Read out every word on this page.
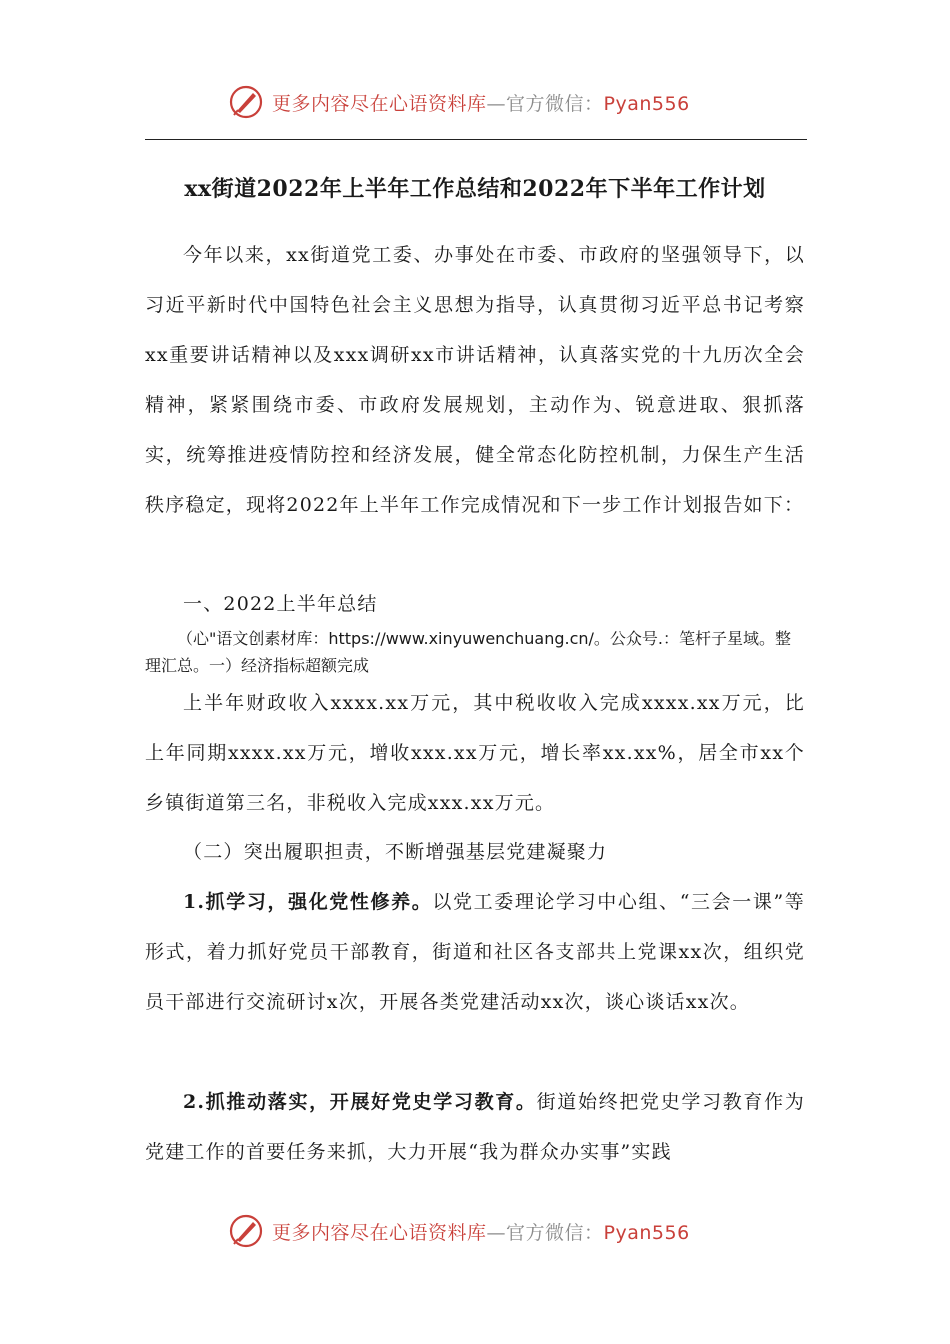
更多内容尽在心语资料库—官方微信：Pyan556
xx街道2022年上半年工作总结和2022年下半年工作计划

今年以来，xx街道党工委、办事处在市委、市政府的坚强领导下，以习近平新时代中国特色社会主义思想为指导，认真贯彻习近平总书记考察xx重要讲话精神以及xxx调研xx市讲话精神，认真落实党的十九历次全会精神，紧紧围绕市委、市政府发展规划，主动作为、锐意进取、狠抓落实，统筹推进疫情防控和经济发展，健全常态化防控机制，力保生产生活秩序稳定，现将2022年上半年工作完成情况和下一步工作计划报告如下：

一、2022上半年总结

（心"语文创素材库：https://www.xinyuwenchuang.cn/。公众号.：笔杆子星域。整理汇总。一）经济指标超额完成

上半年财政收入xxxx.xx万元，其中税收收入完成xxxx.xx万元，比上年同期xxxx.xx万元，增收xxx.xx万元，增长率xx.xx%，居全市xx个乡镇街道第三名，非税收入完成xxx.xx万元。

（二）突出履职担责，不断增强基层党建凝聚力

1.抓学习，强化党性修养。以党工委理论学习中心组、“三会一课”等形式，着力抓好党员干部教育，街道和社区各支部共上党课xx次，组织党员干部进行交流研讨x次，开展各类党建活动xx次，谈心谈话xx次。

2.抓推动落实，开展好党史学习教育。街道始终把党史学习教育作为党建工作的首要任务来抓，大力开展“我为群众办实事”实践

更多内容尽在心语资料库—官方微信：Pyan556
